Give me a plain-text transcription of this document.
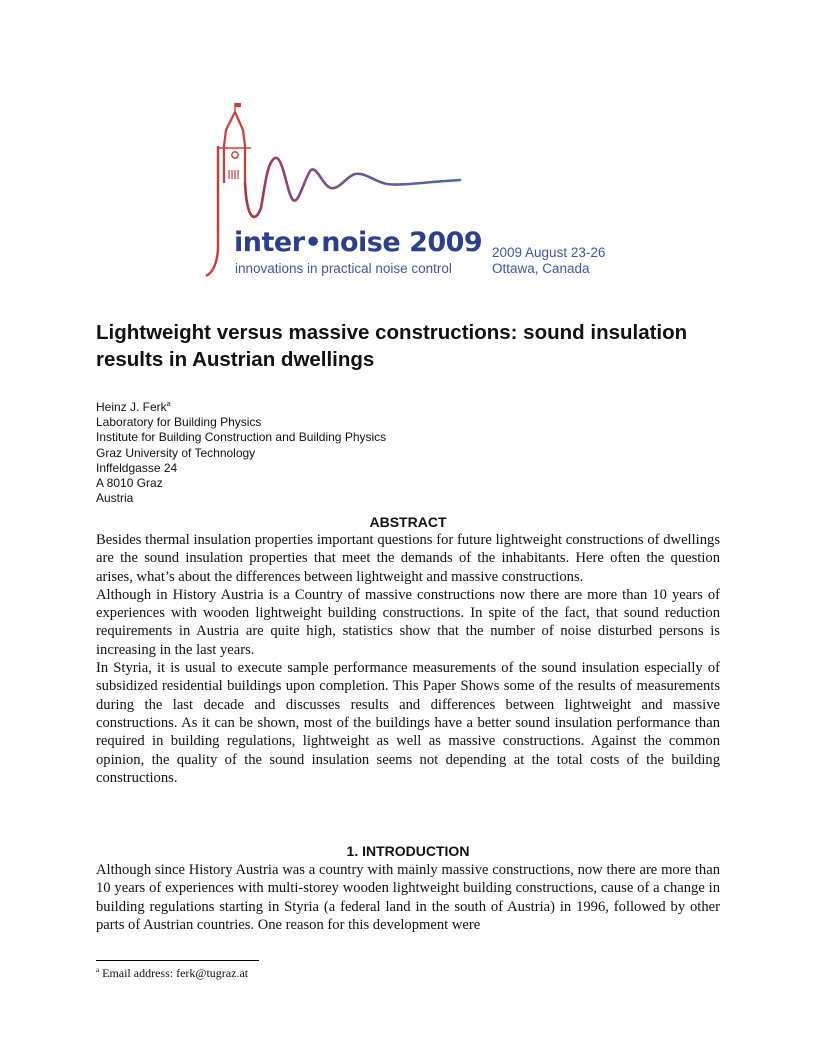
inter•noise 2009
innovations in practical noise control
2009 August 23-26
Ottawa, Canada
Lightweight versus massive constructions: sound insulation results in Austrian dwellings
Heinz J. Ferk$^a$
Laboratory for Building Physics
Institute for Building Construction and Building Physics
Graz University of Technology
Inffeldgasse 24
A 8010 Graz
Austria
ABSTRACT

Besides thermal insulation properties important questions for future lightweight constructions of dwellings are the sound insulation properties that meet the demands of the inhabitants. Here often the question arises, what’s about the differences between lightweight and massive constructions.

Although in History Austria is a Country of massive constructions now there are more than 10 years of experiences with wooden lightweight building constructions. In spite of the fact, that sound reduction requirements in Austria are quite high, statistics show that the number of noise disturbed persons is increasing in the last years.

In Styria, it is usual to execute sample performance measurements of the sound insulation especially of subsidized residential buildings upon completion. This Paper Shows some of the results of measurements during the last decade and discusses results and differences between lightweight and massive constructions. As it can be shown, most of the buildings have a better sound insulation performance than required in building regulations, lightweight as well as massive constructions. Against the common opinion, the quality of the sound insulation seems not depending at the total costs of the building constructions.

1. INTRODUCTION

Although since History Austria was a country with mainly massive constructions, now there are more than 10 years of experiences with multi-storey wooden lightweight building constructions, cause of a change in building regulations starting in Styria (a federal land in the south of Austria) in 1996, followed by other parts of Austrian countries. One reason for this development were

$^a$ Email address: ferk@tugraz.at
